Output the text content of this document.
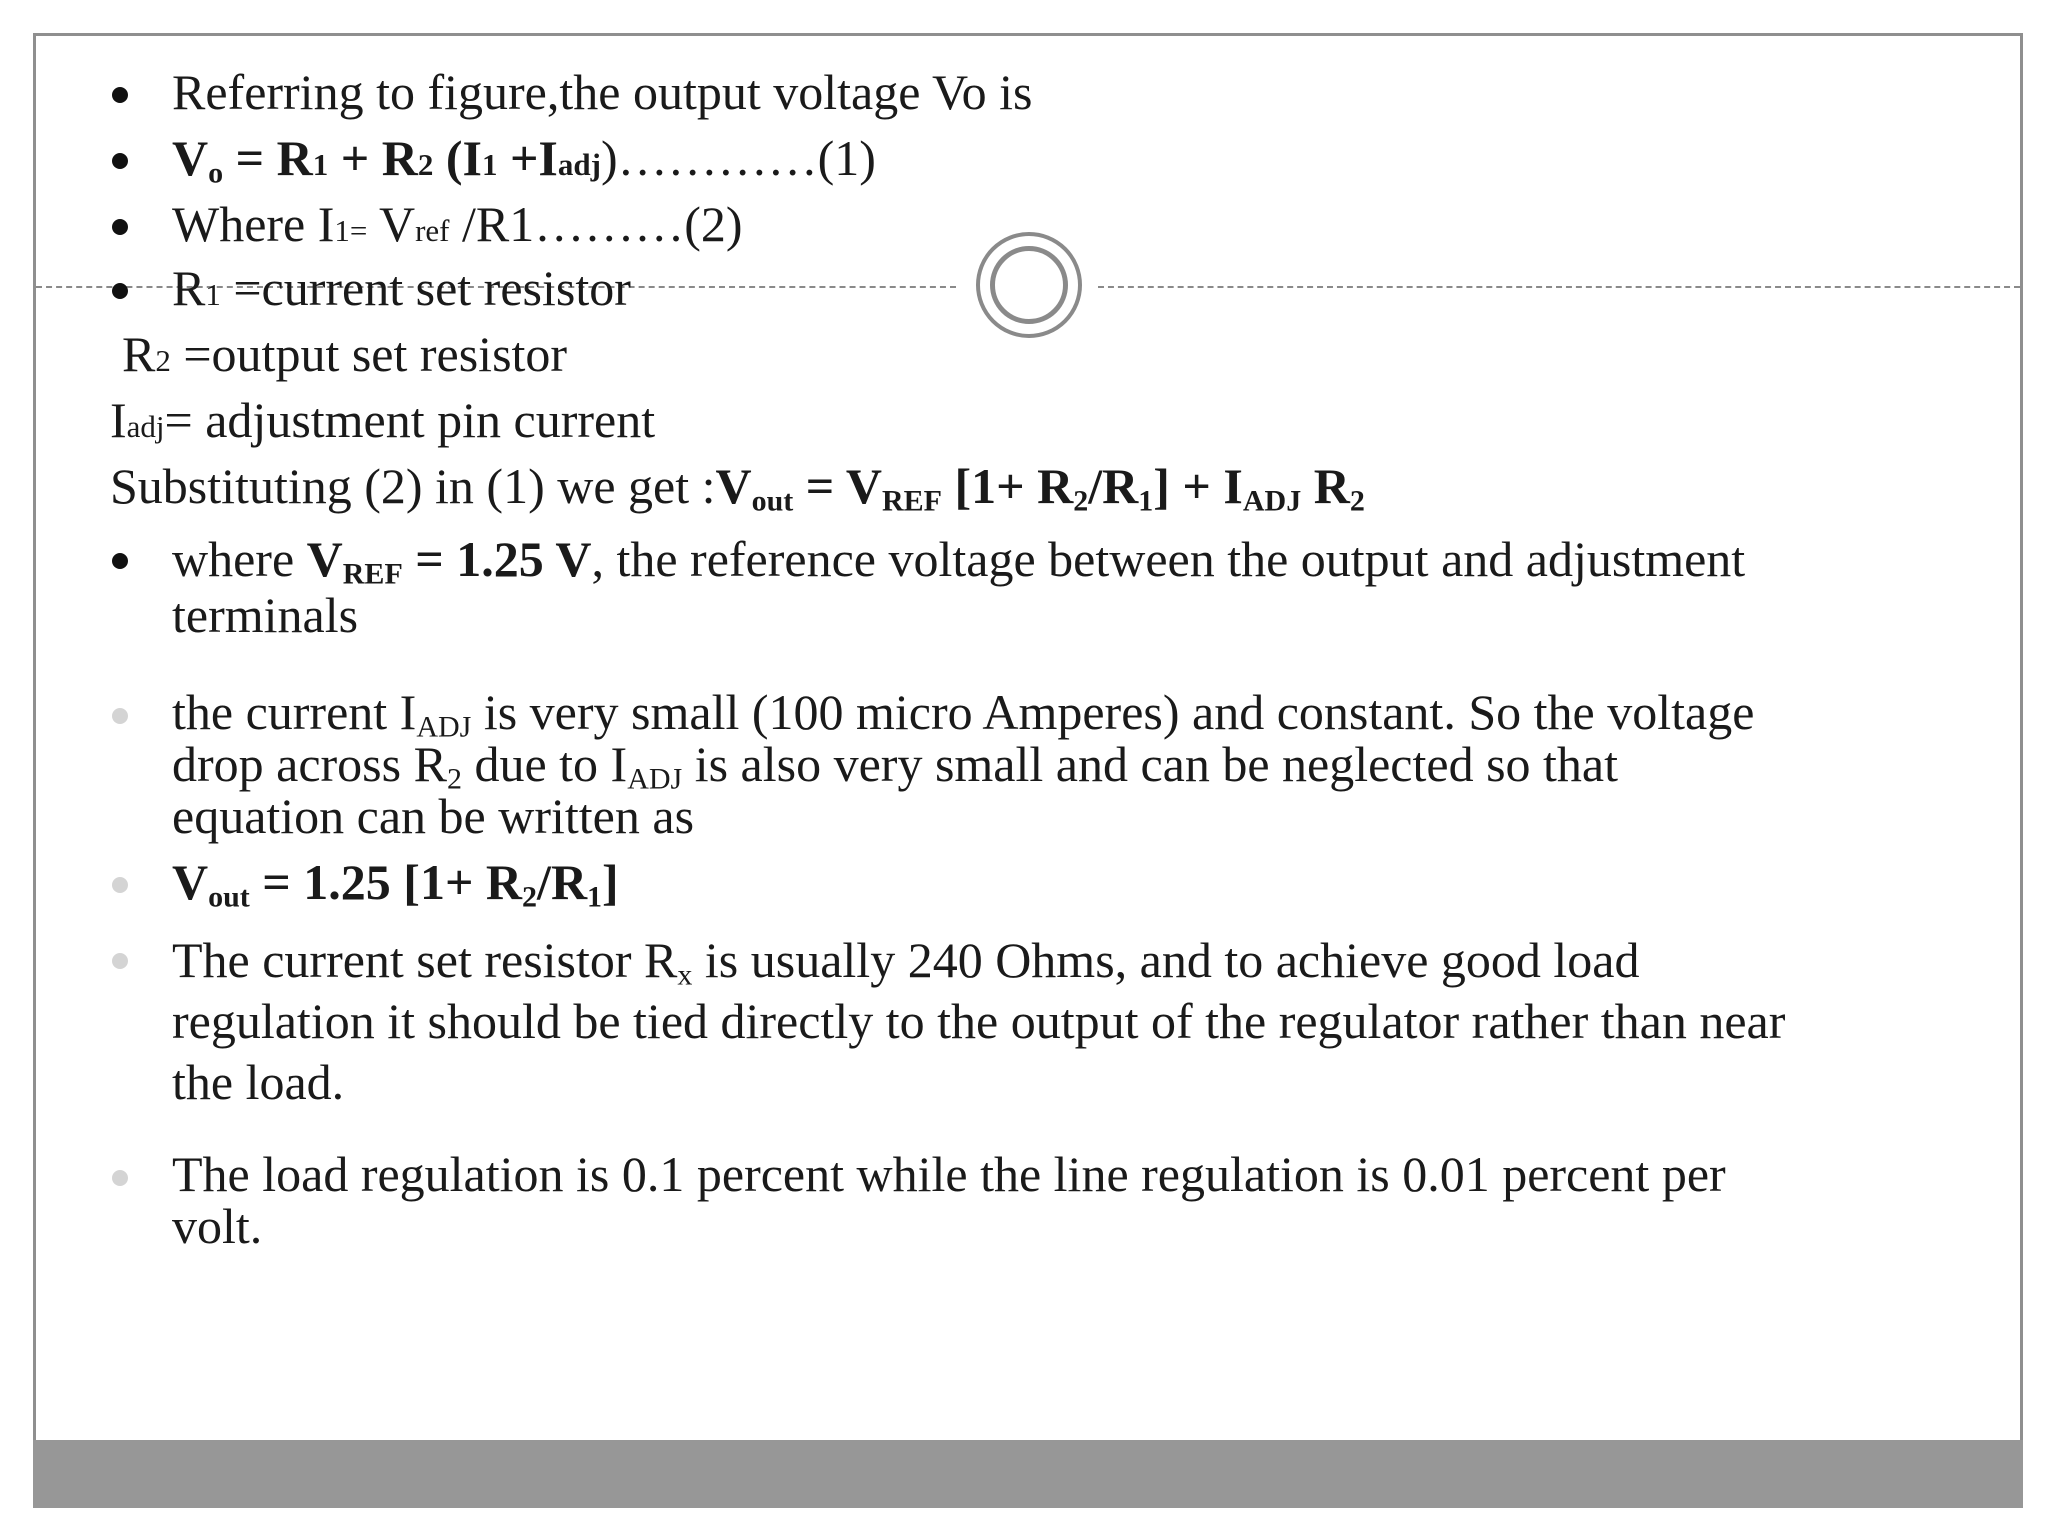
Referring to figure,the output voltage Vo is
$V_o = R1 + R2$ (I1 +Iadj)…………(1)
Where I1= Vref /R1………(2)
R1 =current set resistor
R2 =output set resistor
Iadj= adjustment pin current
Substituting (2) in (1) we get $:V_{out} = V_{REF}$ $[1+ R_2/R_1] + I_{ADJ}$ $R_2$
where $V_{REF} = 1.25$ V, the reference voltage between the output and adjustment
terminals
the current $I_{ADJ}$ is very small (100 micro Amperes) and constant. So the voltage
drop across $R_2$ due to $I_{ADJ}$ is also very small and can be neglected so that
equation can be written as
$V_{out} = 1.25$ $[1+ R_2/R_1]$
The current set resistor $R_x$ is usually 240 Ohms, and to achieve good load
regulation it should be tied directly to the output of the regulator rather than near
the load.
The load regulation is 0.1 percent while the line regulation is 0.01 percent per
volt.
